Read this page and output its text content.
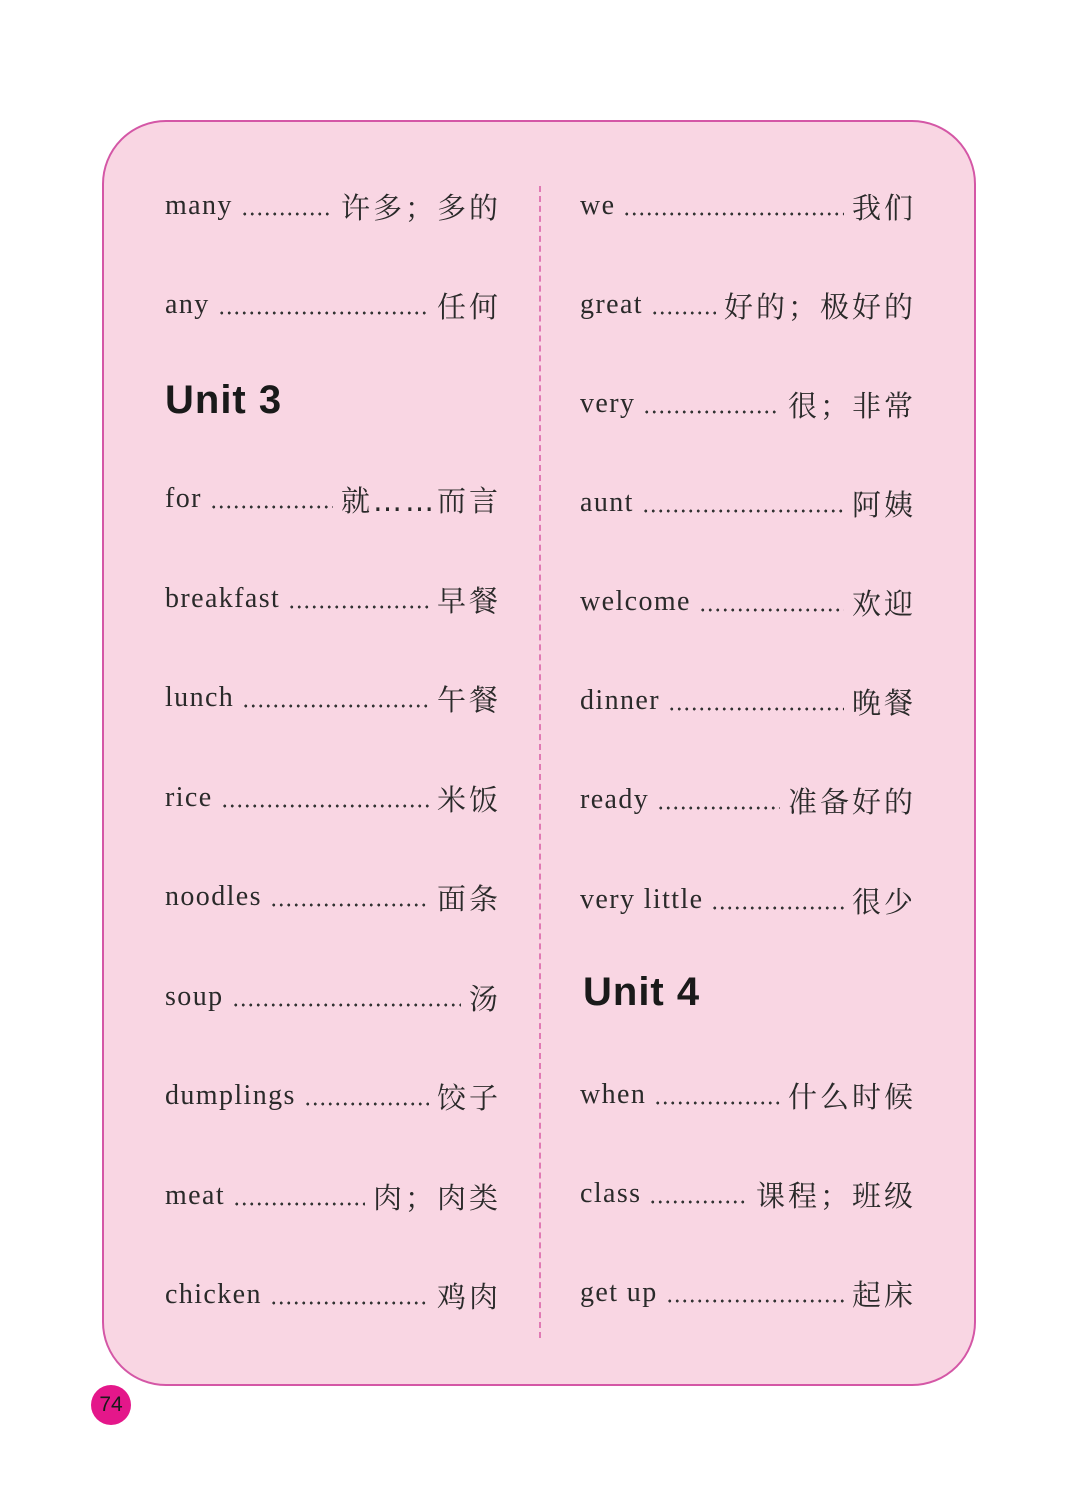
many	许多；多的
any	任何
Unit 3
for	就……而言
breakfast	早餐
lunch	午餐
rice	米饭
noodles	面条
soup	汤
dumplings	饺子
meat	肉；肉类
chicken	鸡肉
we	我们
great	好的；极好的
very	很；非常
aunt	阿姨
welcome	欢迎
dinner	晚餐
ready	准备好的
very little	很少
Unit 4
when	什么时候
class	课程；班级
get up	起床
74
